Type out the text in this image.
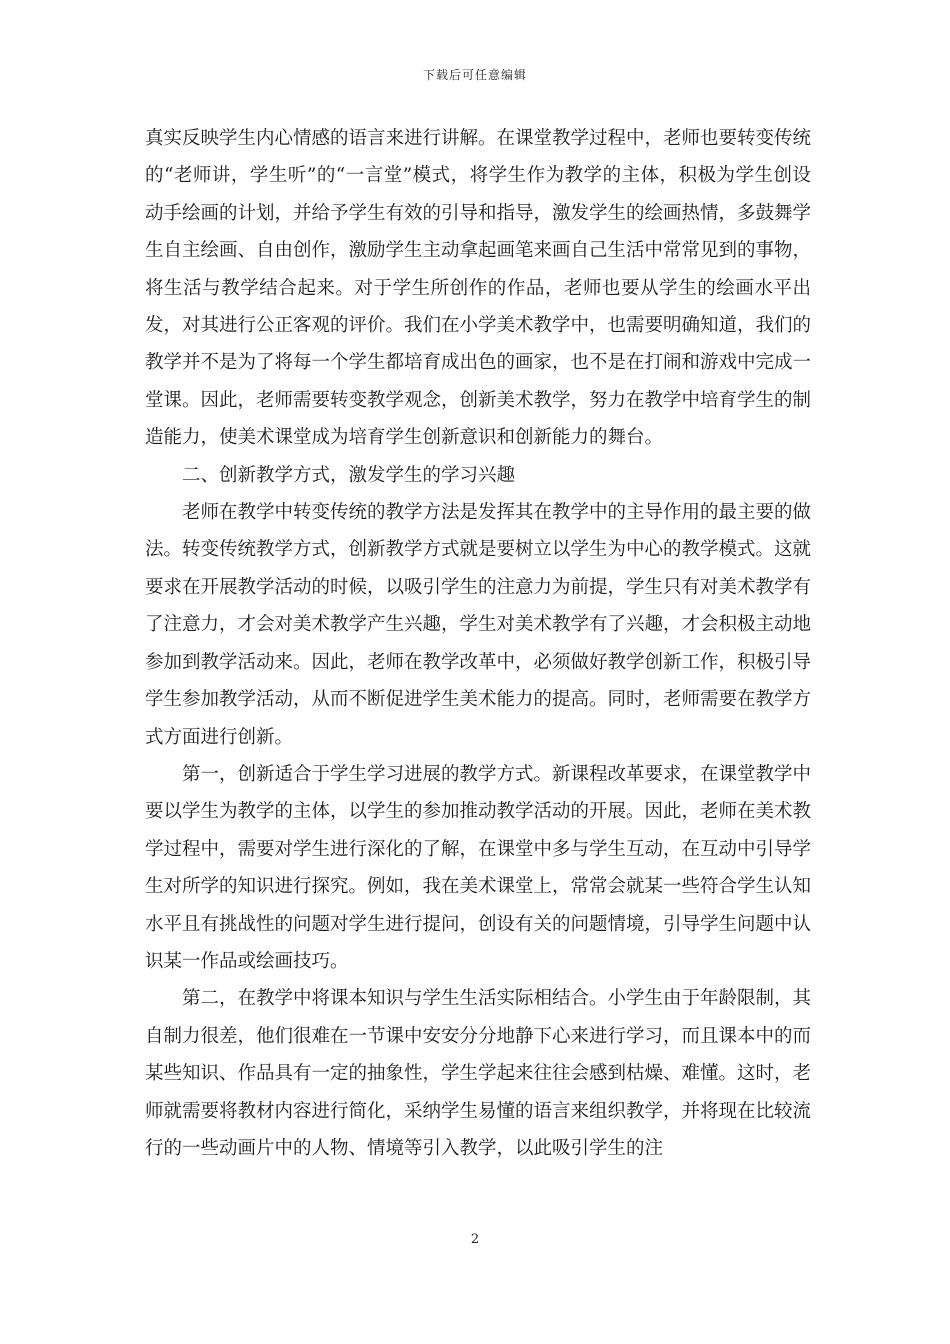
下载后可任意编辑

真实反映学生内心情感的语言来进行讲解。在课堂教学过程中，老师也要转变传统的“老师讲，学生听”的“一言堂”模式，将学生作为教学的主体，积极为学生创设动手绘画的计划，并给予学生有效的引导和指导，激发学生的绘画热情，多鼓舞学生自主绘画、自由创作，激励学生主动拿起画笔来画自己生活中常常见到的事物，将生活与教学结合起来。对于学生所创作的作品，老师也要从学生的绘画水平出发，对其进行公正客观的评价。我们在小学美术教学中，也需要明确知道，我们的教学并不是为了将每一个学生都培育成出色的画家，也不是在打闹和游戏中完成一堂课。因此，老师需要转变教学观念，创新美术教学，努力在教学中培育学生的制造能力，使美术课堂成为培育学生创新意识和创新能力的舞台。

二、创新教学方式，激发学生的学习兴趣

老师在教学中转变传统的教学方法是发挥其在教学中的主导作用的最主要的做法。转变传统教学方式，创新教学方式就是要树立以学生为中心的教学模式。这就要求在开展教学活动的时候，以吸引学生的注意力为前提，学生只有对美术教学有了注意力，才会对美术教学产生兴趣，学生对美术教学有了兴趣，才会积极主动地参加到教学活动来。因此，老师在教学改革中，必须做好教学创新工作，积极引导学生参加教学活动，从而不断促进学生美术能力的提高。同时，老师需要在教学方式方面进行创新。

第一，创新适合于学生学习进展的教学方式。新课程改革要求，在课堂教学中要以学生为教学的主体，以学生的参加推动教学活动的开展。因此，老师在美术教学过程中，需要对学生进行深化的了解，在课堂中多与学生互动，在互动中引导学生对所学的知识进行探究。例如，我在美术课堂上，常常会就某一些符合学生认知水平且有挑战性的问题对学生进行提问，创设有关的问题情境，引导学生问题中认识某一作品或绘画技巧。

第二，在教学中将课本知识与学生生活实际相结合。小学生由于年龄限制，其自制力很差，他们很难在一节课中安安分分地静下心来进行学习，而且课本中的而某些知识、作品具有一定的抽象性，学生学起来往往会感到枯燥、难懂。这时，老师就需要将教材内容进行简化，采纳学生易懂的语言来组织教学，并将现在比较流行的一些动画片中的人物、情境等引入教学，以此吸引学生的注

2
